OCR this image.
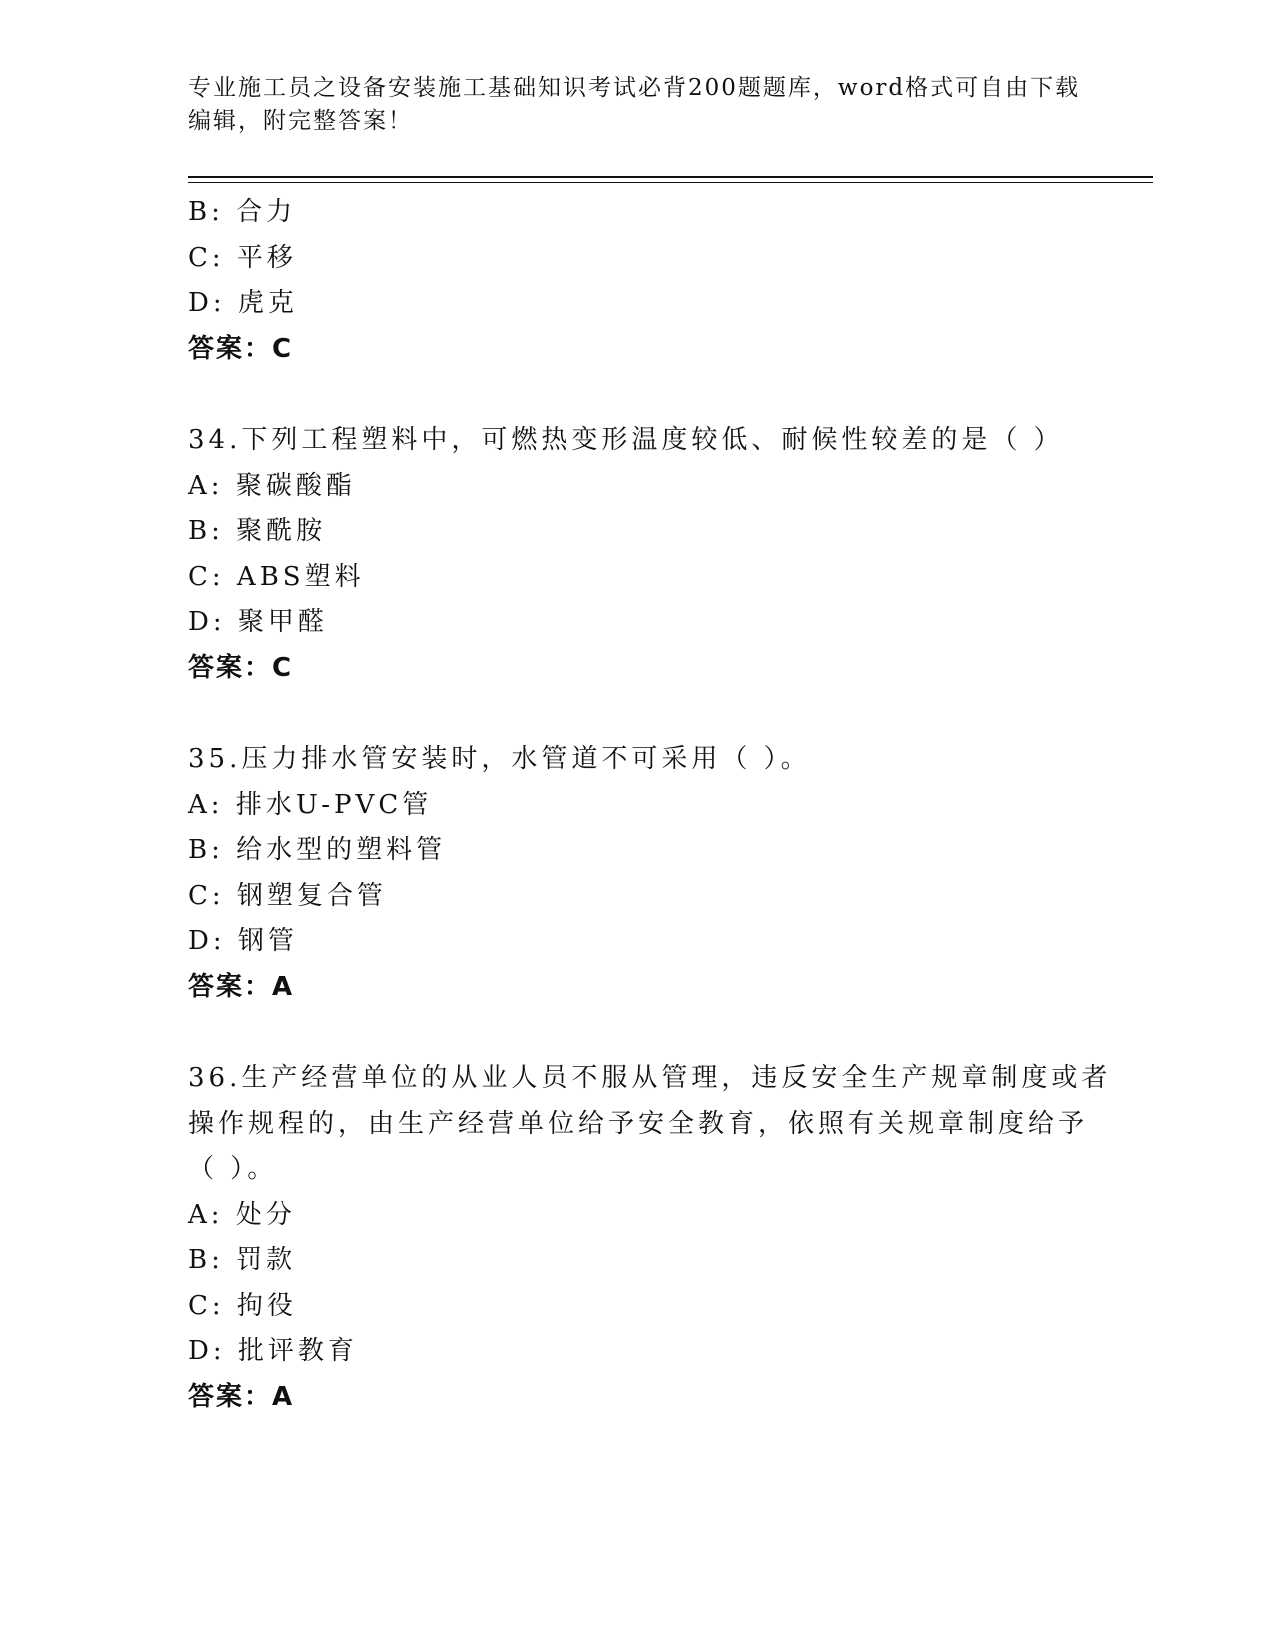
专业施工员之设备安装施工基础知识考试必背200题题库，word格式可自由下载
编辑，附完整答案！
B: 合力
C: 平移
D: 虎克
答案：C
34.下列工程塑料中，可燃热变形温度较低、耐候性较差的是（ ）
A: 聚碳酸酯
B: 聚酰胺
C: ABS塑料
D: 聚甲醛
答案：C
35.压力排水管安装时，水管道不可采用（ ）。
A: 排水U-PVC管
B: 给水型的塑料管
C: 钢塑复合管
D: 钢管
答案：A
36.生产经营单位的从业人员不服从管理，违反安全生产规章制度或者
操作规程的，由生产经营单位给予安全教育，依照有关规章制度给予
（ ）。
A: 处分
B: 罚款
C: 拘役
D: 批评教育
答案：A
